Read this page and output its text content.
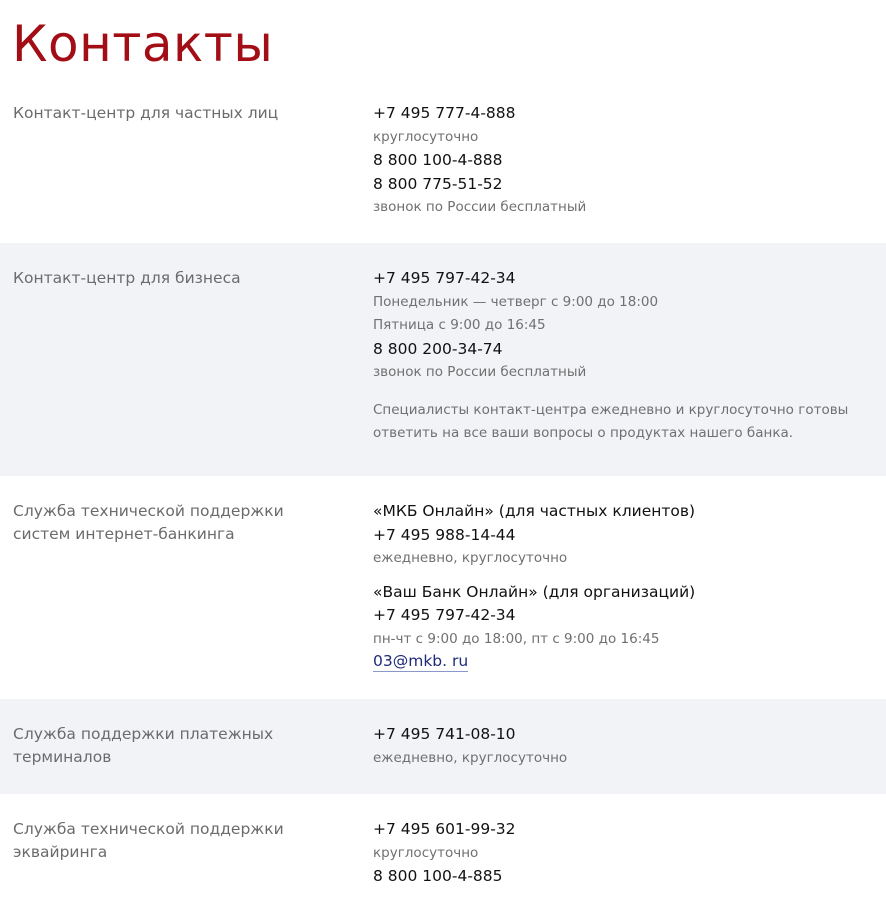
Контакты
Контакт-центр для частных лиц	+7 495 777-4-888
круглосуточно
8 800 100-4-888
8 800 775-51-52
звонок по России бесплатный
Контакт-центр для бизнеса	+7 495 797-42-34
Понедельник — четверг с 9:00 до 18:00
Пятница с 9:00 до 16:45
8 800 200-34-74
звонок по России бесплатный
Специалисты контакт-центра ежедневно и круглосуточно готовы ответить на все ваши вопросы о продуктах нашего банка.
Служба технической поддержки систем интернет-банкинга
«МКБ Онлайн» (для частных клиентов)
+7 495 988-14-44
ежедневно, круглосуточно
«Ваш Банк Онлайн» (для организаций)
+7 495 797-42-34
пн-чт с 9:00 до 18:00, пт с 9:00 до 16:45
03@mkb. ru
Служба поддержки платежных терминалов
+7 495 741-08-10
ежедневно, круглосуточно
Служба технической поддержки эквайринга
+7 495 601-99-32
круглосуточно
8 800 100-4-885
